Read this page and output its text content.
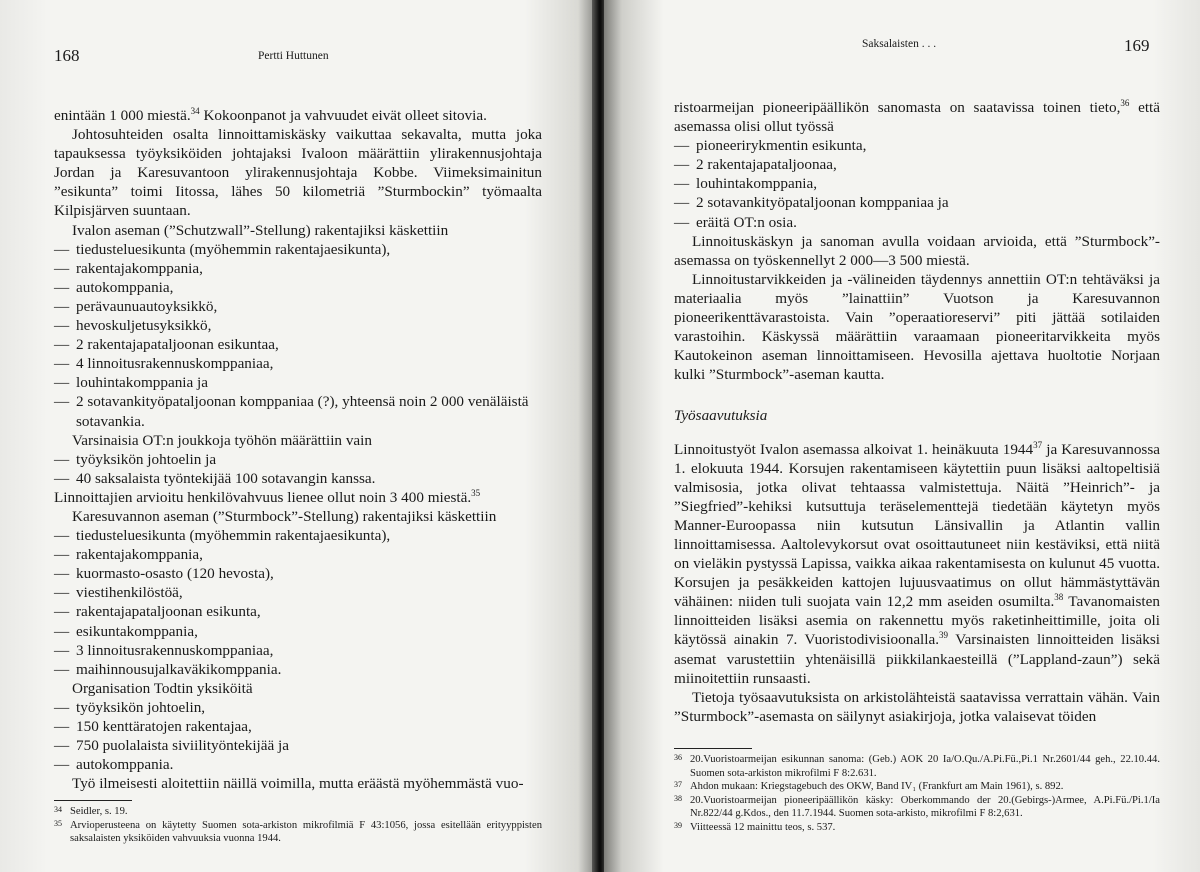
168	Pertti Huttunen

enintään 1 000 miestä.$^{34}$ Kokoonpanot ja vahvuudet eivät olleet sitovia.

Johtosuhteiden osalta linnoittamiskäsky vaikuttaa sekavalta, mutta joka tapauksessa työyksiköiden johtajaksi Ivaloon määrättiin ylirakennusjohtaja Jordan ja Karesuvantoon ylirakennusjohtaja Kobbe. Viimeksimainitun ”esikunta” toimi Iitossa, lähes 50 kilometriä ”Sturmbockin” työmaalta Kilpisjärven suuntaan.

Ivalon aseman (”Schutzwall”-Stellung) rakentajiksi käskettiin

— tiedusteluesikunta (myöhemmin rakentajaesikunta),
— rakentajakomppania,
— autokomppania,
— perävaunuautoyksikkö,
— hevoskuljetusyksikkö,
— 2 rakentajapataljoonan esikuntaa,
— 4 linnoitusrakennuskomppaniaa,
— louhintakomppania ja
— 2 sotavankityöpataljoonan komppaniaa (?), yhteensä noin 2 000 venäläistä sotavankia.

Varsinaisia OT:n joukkoja työhön määrättiin vain

— työyksikön johtoelin ja
— 40 saksalaista työntekijää 100 sotavangin kanssa.

Linnoittajien arvioitu henkilövahvuus lienee ollut noin 3 400 miestä.$^{35}$

Karesuvannon aseman (”Sturmbock”-Stellung) rakentajiksi käskettiin

— tiedusteluesikunta (myöhemmin rakentajaesikunta),
— rakentajakomppania,
— kuormasto-osasto (120 hevosta),
— viestihenkilöstöä,
— rakentajapataljoonan esikunta,
— esikuntakomppania,
— 3 linnoitusrakennuskomppaniaa,
— maihinnousujalkaväkikomppania.

Organisation Todtin yksiköitä

— työyksikön johtoelin,
— 150 kenttäratojen rakentajaa,
— 750 puolalaista siviilityöntekijää ja
— autokomppania.

Työ ilmeisesti aloitettiin näillä voimilla, mutta eräästä myöhemmästä vuo-

34 Seidler, s. 19.
35 Arvioperusteena on käytetty Suomen sota-arkiston mikrofilmiä F 43:1056, jossa esitellään erityyppisten saksalaisten yksiköiden vahvuuksia vuonna 1944.
Saksalaisten . . .	169

ristoarmeijan pioneeripäällikön sanomasta on saatavissa toinen tieto,$^{36}$ että asemassa olisi ollut työssä

— pioneerirykmentin esikunta,
— 2 rakentajapataljoonaa,
— louhintakomppania,
— 2 sotavankityöpataljoonan komppaniaa ja
— eräitä OT:n osia.

Linnoituskäskyn ja sanoman avulla voidaan arvioida, että ”Sturmbock”-asemassa on työskennellyt 2 000—3 500 miestä.

Linnoitustarvikkeiden ja -välineiden täydennys annettiin OT:n tehtäväksi ja materiaalia myös ”lainattiin” Vuotson ja Karesuvannon pioneerikenttävarastoista. Vain ”operaatioreservi” piti jättää sotilaiden varastoihin. Käskyssä määrättiin varaamaan pioneeritarvikkeita myös Kautokeinon aseman linnoittamiseen. Hevosilla ajettava huoltotie Norjaan kulki ”Sturmbock”-aseman kautta.

Työsaavutuksia

Linnoitustyöt Ivalon asemassa alkoivat 1. heinäkuuta 1944$^{37}$ ja Karesuvannossa 1. elokuuta 1944. Korsujen rakentamiseen käytettiin puun lisäksi aaltopeltisiä valmisosia, jotka olivat tehtaassa valmistettuja. Näitä ”Heinrich”- ja ”Siegfried”-kehiksi kutsuttuja teräselementtejä tiedetään käytetyn myös Manner-Euroopassa niin kutsutun Länsivallin ja Atlantin vallin linnoittamisessa. Aaltolevykorsut ovat osoittautuneet niin kestäviksi, että niitä on vieläkin pystyssä Lapissa, vaikka aikaa rakentamisesta on kulunut 45 vuotta. Korsujen ja pesäkkeiden kattojen lujuusvaatimus on ollut hämmästyttävän vähäinen: niiden tuli suojata vain 12,2 mm aseiden osumilta.$^{38}$ Tavanomaisten linnoitteiden lisäksi asemia on rakennettu myös raketinheittimille, joita oli käytössä ainakin 7. Vuoristodivisioonalla.$^{39}$ Varsinaisten linnoitteiden lisäksi asemat varustettiin yhtenäisillä piikkilankaesteillä (”Lappland-zaun”) sekä miinoitettiin runsaasti.

Tietoja työsaavutuksista on arkistolähteistä saatavissa verrattain vähän. Vain ”Sturmbock”-asemasta on säilynyt asiakirjoja, jotka valaisevat töiden

36 20.Vuoristoarmeijan esikunnan sanoma: (Geb.) AOK 20 Ia/O.Qu./A.Pi.Fü.,Pi.1 Nr.2601/44 geh., 22.10.44. Suomen sota-arkiston mikrofilmi F 8:2.631.
37 Ahdon mukaan: Kriegstagebuch des OKW, Band IV₁ (Frankfurt am Main 1961), s. 892.
38 20.Vuoristoarmeijan pioneeripäällikön käsky: Oberkommando der 20.(Gebirgs-)Armee, A.Pi.Fü./Pi.1/Ia Nr.822/44 g.Kdos., den 11.7.1944. Suomen sota-arkisto, mikrofilmi F 8:2,631.
39 Viitteessä 12 mainittu teos, s. 537.
